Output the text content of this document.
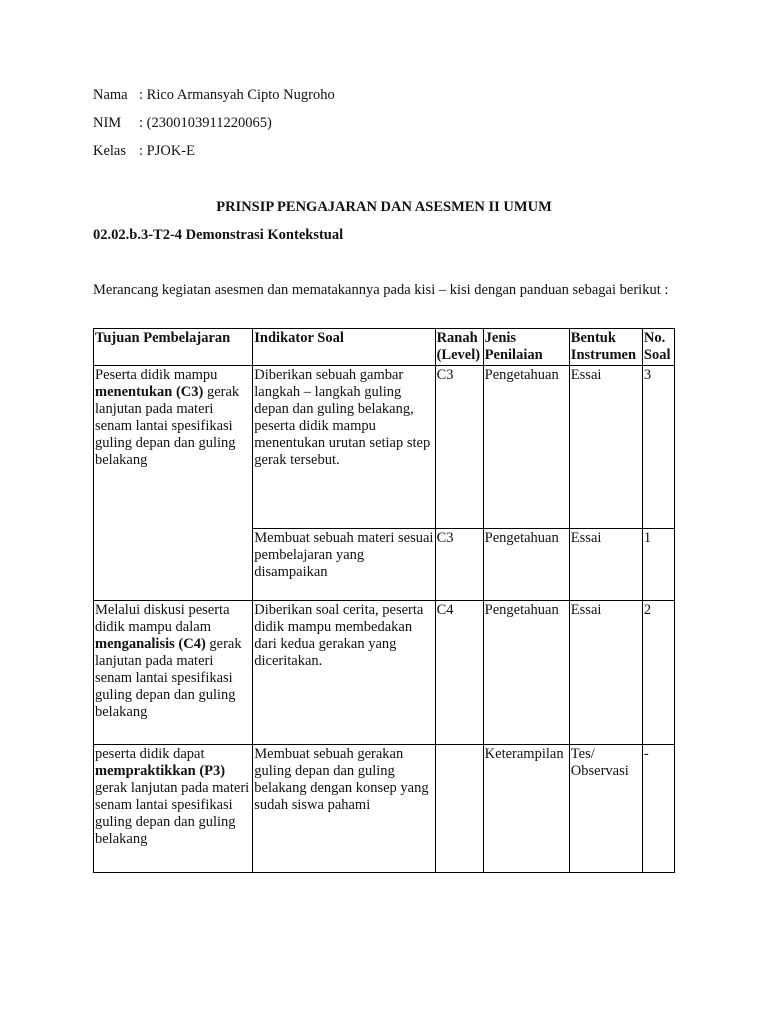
Nama : Rico Armansyah Cipto Nugroho
NIM : (2300103911220065)
Kelas : PJOK-E
PRINSIP PENGAJARAN DAN ASESMEN II UMUM
02.02.b.3-T2-4 Demonstrasi Kontekstual
Merancang kegiatan asesmen dan mematakannya pada kisi – kisi dengan panduan sebagai berikut :
Tujuan Pembelajaran	Indikator Soal	Ranah (Level)	Jenis Penilaian	Bentuk Instrumen	No. Soal
Peserta didik mampu menentukan (C3) gerak lanjutan pada materi senam lantai spesifikasi guling depan dan guling belakang	Diberikan sebuah gambar langkah – langkah guling depan dan guling belakang, peserta didik mampu menentukan urutan setiap step gerak tersebut.	C3	Pengetahuan	Essai	3
	Membuat sebuah materi sesuai pembelajaran yang disampaikan	C3	Pengetahuan	Essai	1
Melalui diskusi peserta didik mampu dalam menganalisis (C4) gerak lanjutan pada materi senam lantai spesifikasi guling depan dan guling belakang	Diberikan soal cerita, peserta didik mampu membedakan dari kedua gerakan yang diceritakan.	C4	Pengetahuan	Essai	2
peserta didik dapat mempraktikkan (P3) gerak lanjutan pada materi senam lantai spesifikasi guling depan dan guling belakang	Membuat sebuah gerakan guling depan dan guling belakang dengan konsep yang sudah siswa pahami		Keterampilan	Tes/ Observasi	-
